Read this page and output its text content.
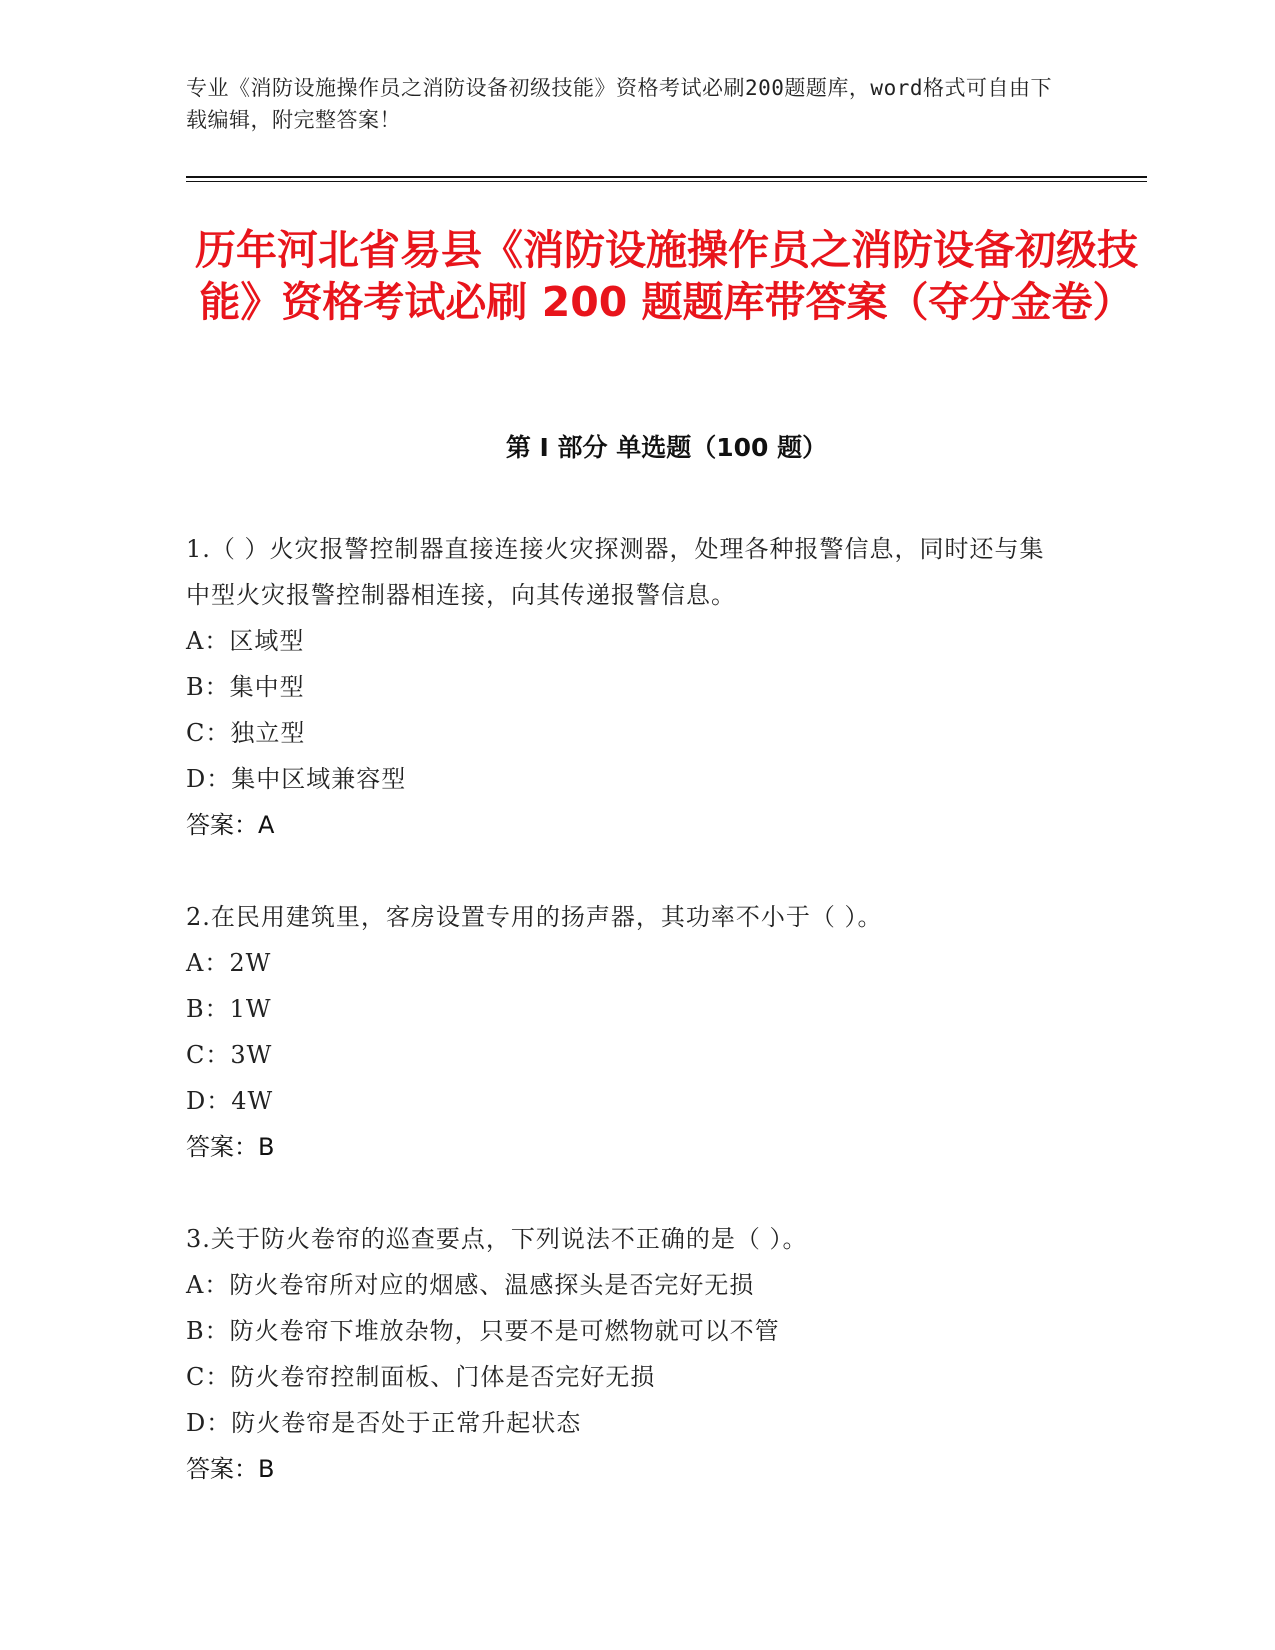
专业《消防设施操作员之消防设备初级技能》资格考试必刷200题题库，word格式可自由下载编辑，附完整答案！
历年河北省易县《消防设施操作员之消防设备初级技能》资格考试必刷 200 题题库带答案（夺分金卷）
第 I 部分 单选题（100 题）
1.（ ）火灾报警控制器直接连接火灾探测器，处理各种报警信息，同时还与集中型火灾报警控制器相连接，向其传递报警信息。
A：区域型
B：集中型
C：独立型
D：集中区域兼容型
答案：A
2.在民用建筑里，客房设置专用的扬声器，其功率不小于（ ）。
A：2W
B：1W
C：3W
D：4W
答案：B
3.关于防火卷帘的巡查要点，下列说法不正确的是（ ）。
A：防火卷帘所对应的烟感、温感探头是否完好无损
B：防火卷帘下堆放杂物，只要不是可燃物就可以不管
C：防火卷帘控制面板、门体是否完好无损
D：防火卷帘是否处于正常升起状态
答案：B
